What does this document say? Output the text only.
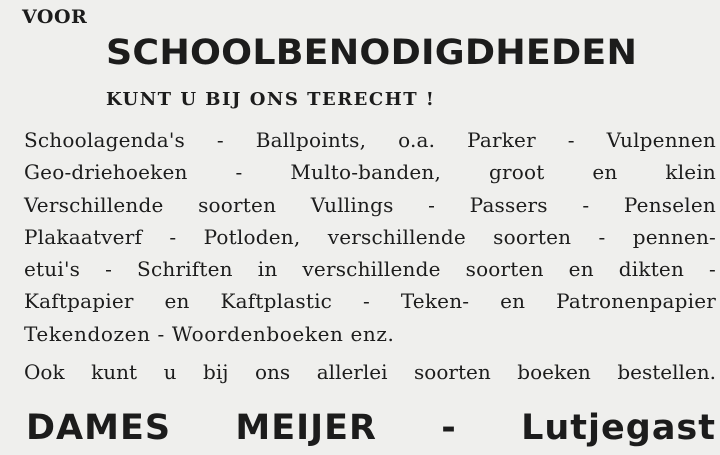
VOOR
SCHOOLBENODIGDHEDEN
KUNT U BIJ ONS TERECHT !
Schoolagenda's - Ballpoints, o.a. Parker - Vulpennen
Geo-driehoeken - Multo-banden, groot en klein
Verschillende soorten Vullings - Passers - Penselen
Plakaatverf - Potloden, verschillende soorten - pennen-
etui's - Schriften in verschillende soorten en dikten -
Kaftpapier en Kaftplastic - Teken- en Patronenpapier
Tekendozen - Woordenboeken enz.
Ook kunt u bij ons allerlei soorten boeken bestellen.
DAMES MEIJER - Lutjegast
